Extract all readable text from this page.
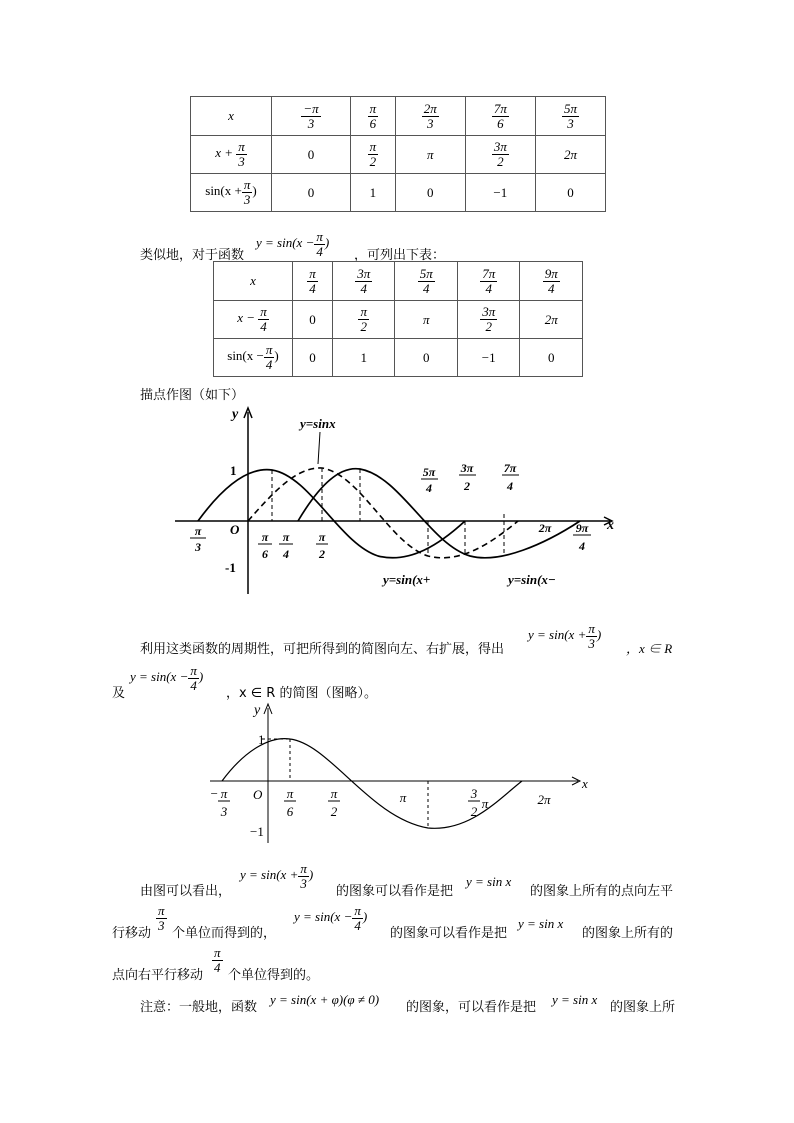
x	$\frac{-\pi}{3}$	$\frac{\pi}{6}$	$\frac{2\pi}{3}$	$\frac{7\pi}{6}$	$\frac{5\pi}{3}$

$x + \frac{\pi}{3}$	0	$\frac{\pi}{2}$	π	$\frac{3\pi}{2}$	2π
$\sin(x + \frac{\pi}{3}$ )	0	1	0	−1	0
类似地，对于函数
$y = \sin(x - \frac{\pi}{4}$ )
，可列出下表：
x	$\frac{\pi}{4}$	$\frac{3\pi}{4}$	$\frac{5\pi}{4}$	$\frac{7\pi}{4}$	$\frac{9\pi}{4}$

$x - \frac{\pi}{4}$	0	$\frac{\pi}{2}$	π	$\frac{3\pi}{2}$	2π
$\sin(x - \frac{\pi}{4}$ )	0	1	0	−1	0
描点作图（如下）
y
x
O
1
-1
y=sinx
y=sin(x+	y=sin(x−
π
3
π
6
π
4
π
2
5π
4
3π
2
7π
4
9π
4
2π
利用这类函数的周期性，可把所得到的简图向左、右扩展，得出
$y = \sin(x + \frac{\pi}{3}$ )
，x ∈ R
及
$y = \sin(x - \frac{\pi}{4}$ )
，x ∈ R 的简图（图略）。
y
x
O
1
−1
− π
3
π
6
π
2
π	3
2
π	2π
由图可以看出，
$y = \sin(x + \frac{\pi}{3}$ )
的图象可以看作是把
y = sin x
的图象上所有的点向左平
行移动
$\frac{\pi}{3}$
个单位而得到的，
$y = \sin(x - \frac{\pi}{4}$ )
的图象可以看作是把
y = sin x
的图象上所有的
点向右平行移动
$\frac{\pi}{4}$
个单位得到的。
注意：一般地，函数
y = sin(x + φ)(φ ≠ 0)
的图象，可以看作是把
y = sin x
的图象上所
